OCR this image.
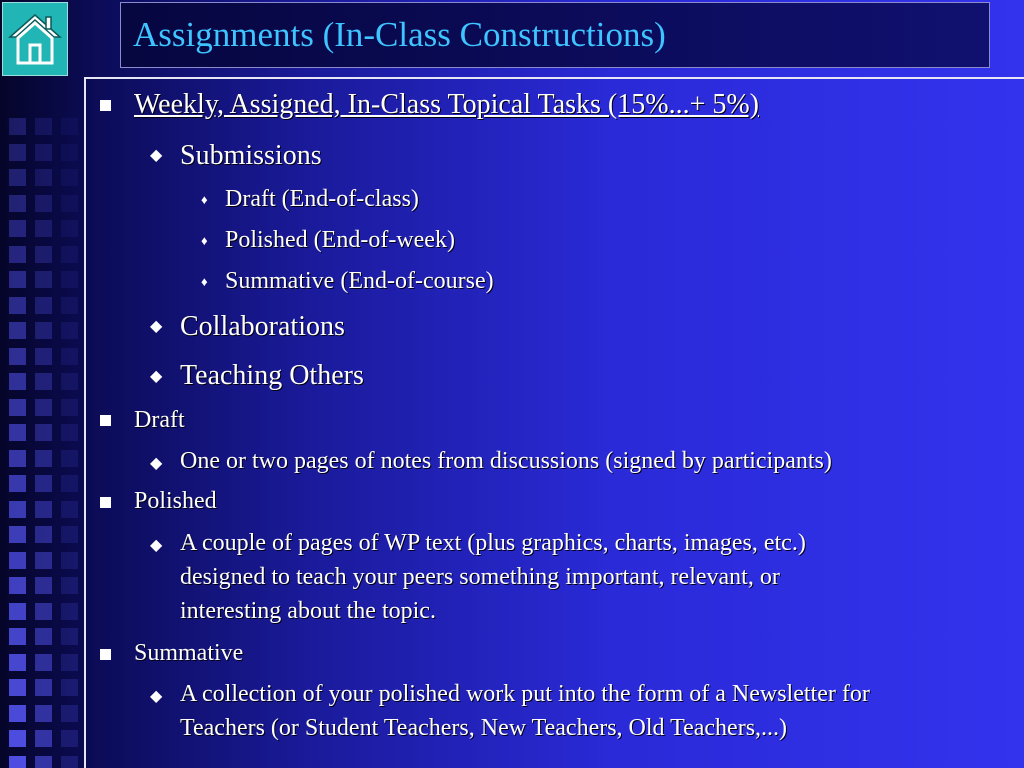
Assignments (In-Class Constructions)
Weekly, Assigned, In-Class Topical Tasks (15%...+ 5%)
◆ Submissions
♦ Draft (End-of-class)
♦ Polished (End-of-week)
♦ Summative (End-of-course)
◆ Collaborations
◆ Teaching Others
Draft
◆ One or two pages of notes from discussions (signed by participants)
Polished
◆ A couple of pages of WP text (plus graphics, charts, images, etc.)
designed to teach your peers something important, relevant, or
interesting about the topic.
Summative
◆ A collection of your polished work put into the form of a Newsletter for
Teachers (or Student Teachers, New Teachers, Old Teachers,...)
